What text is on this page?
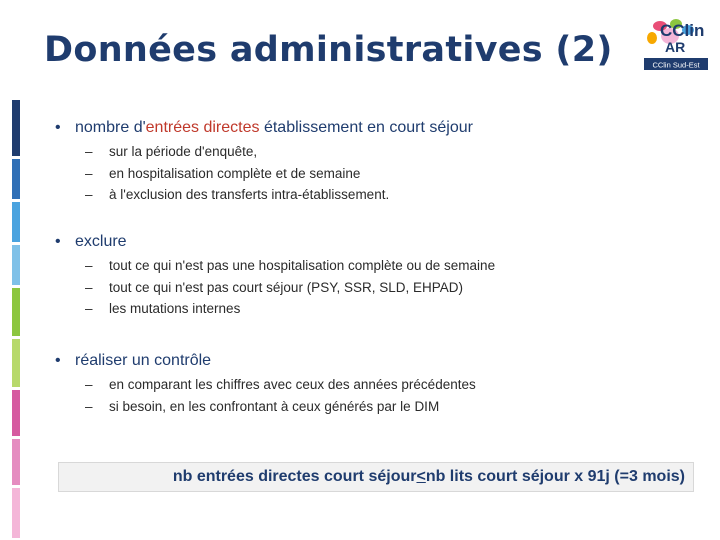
Données administratives (2)	CClin
AR
CClin Sud-Est
• nombre d'entrées directes établissement en court séjour
– sur la période d'enquête,
– en hospitalisation complète et de semaine
– à l'exclusion des transferts intra-établissement.
• exclure
– tout ce qui n'est pas une hospitalisation complète ou de semaine
– tout ce qui n'est pas court séjour (PSY, SSR, SLD, EHPAD)
– les mutations internes
• réaliser un contrôle
– en comparant les chiffres avec ceux des années précédentes
– si besoin, en les confrontant à ceux générés par le DIM
nb entrées directes court séjour < nb lits court séjour x 91j (=3 mois)
